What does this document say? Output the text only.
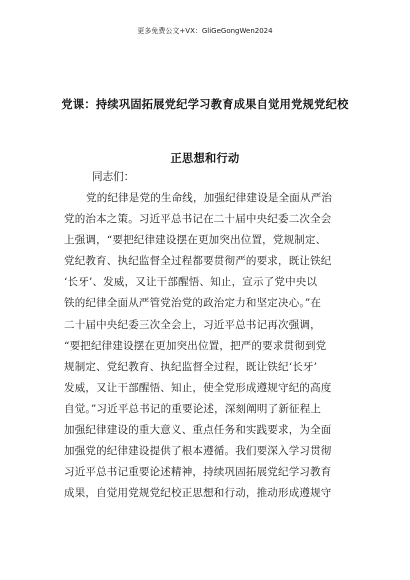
更多免费公文+VX：GliGeGongWen2024
党课：持续巩固拓展党纪学习教育成果自觉用党规党纪校
正思想和行动
同志们：
党的纪律是党的生命线，加强纪律建设是全面从严治
党的治本之策。习近平总书记在二十届中央纪委二次全会
上强调，“要把纪律建设摆在更加突出位置，党规制定、
党纪教育、执纪监督全过程都要贯彻严的要求，既让铁纪
‘长牙’、发威，又让干部醒悟、知止，宣示了党中央以
铁的纪律全面从严管党治党的政治定力和坚定决心。”在
二十届中央纪委三次全会上，习近平总书记再次强调，
“要把纪律建设摆在更加突出位置，把严的要求贯彻到党
规制定、党纪教育、执纪监督全过程，既让铁纪‘长牙’
发威，又让干部醒悟、知止，使全党形成遵规守纪的高度
自觉。”习近平总书记的重要论述，深刻阐明了新征程上
加强纪律建设的重大意义、重点任务和实践要求，为全面
加强党的纪律建设提供了根本遵循。我们要深入学习贯彻
习近平总书记重要论述精神，持续巩固拓展党纪学习教育
成果，自觉用党规党纪校正思想和行动，推动形成遵规守
